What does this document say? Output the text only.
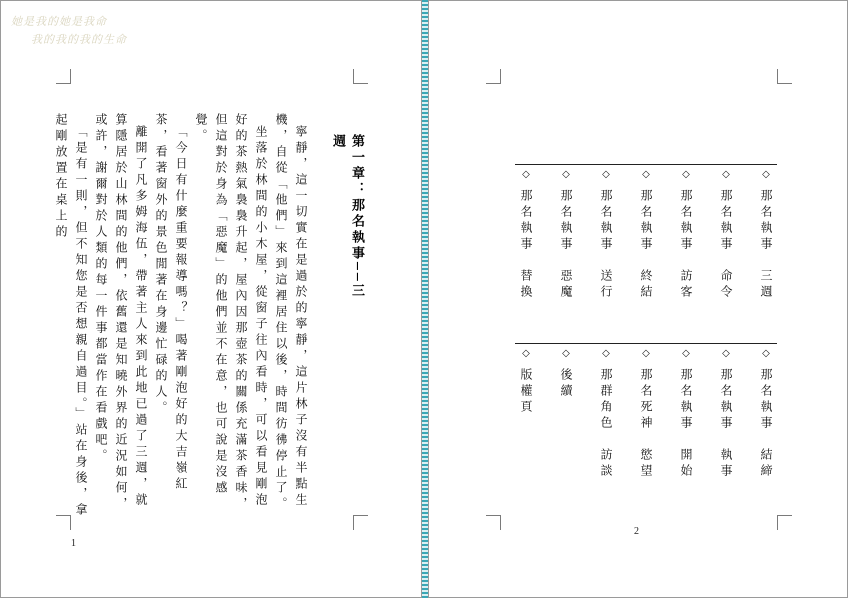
她是我的她是我命
我的我的我的生命
第一章：那名執事──三週

寧靜，這一切實在是過於的寧靜，這片林子沒有半點生機，自從「他們」來到這裡居住以後，時間彷彿停止了。

坐落於林間的小木屋，從窗子往內看時，可以看見剛泡好的茶熱氣裊裊升起，屋內因那壺茶的關係充滿茶香味，但這對於身為「惡魔」的他們並不在意，也可說是沒感覺。

「今日有什麼重要報導嗎？」喝著剛泡好的大吉嶺紅茶，看著窗外的景色閒著在身邊忙碌的人。

離開了凡多姆海伍，帶著主人來到此地已過了三週，就算隱居於山林間的他們，依舊還是知曉外界的近況如何，或許，謝爾對於人類的每一件事都當作在看戲吧。

「是有一則，但不知您是否想親自過目。」站在身後，拿起剛放置在桌上的

1
◇
那名執事　三週
◇
那名執事　命令
◇
那名執事　訪客
◇
那名執事　終結
◇
那名執事　送行
◇
那名執事　惡魔
◇
那名執事　替換
◇
那名執事　結締
◇
那名執事　執事
◇
那名執事　開始
◇
那名死神　慾望
◇
那群角色　訪談
◇
後續
◇
版權頁
2
